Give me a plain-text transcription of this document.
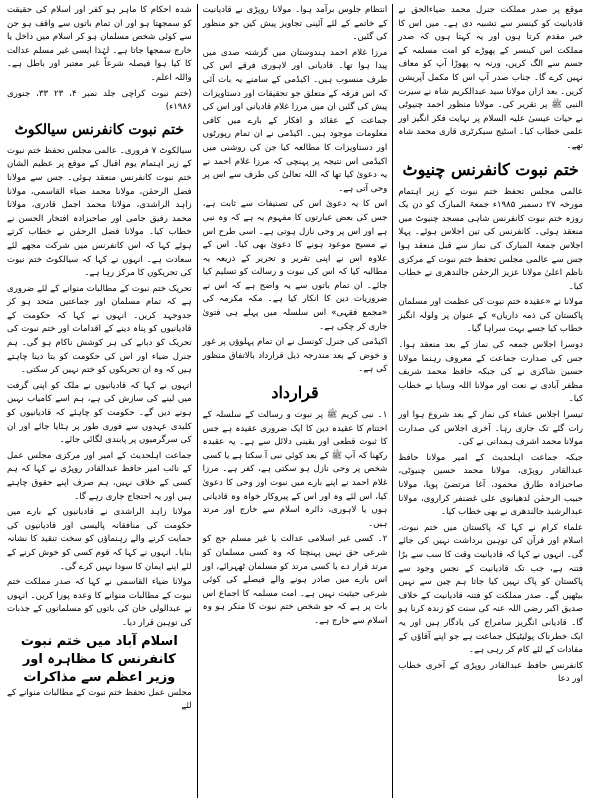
موقع پر صدر مملکت جنرل محمد ضیاءالحق نے قادیانیت کو کینسر سے تشبیہ دی ہے۔ میں اس کا خیر مقدم کرتا ہوں اور یہ کہتا ہوں کہ صدر مملکت اس کینسر کے پھوڑے کو امت مسلمہ کے جسم سے الگ کریں، ورنہ یہ پھوڑا آپ کو معاف نہیں کرے گا۔ جناب صدر آپ اس کا مکمل آپریشن کریں۔ بعد ازاں مولانا سید عبدالکریم شاہ نے سیرت النبی ﷺ پر تقریر کی۔ مولانا منظور احمد چنیوٹی نے حیات عیسیٰ علیہ السلام پر نہایت فکر انگیز اور علمی خطاب کیا۔ اسٹیج سیکرٹری قاری محمد شاہ تھے۔

ختم نبوت کانفرنس چنیوٹ

عالمی مجلس تحفظ ختم نبوت کے زیر اہتمام مورخہ ۲۷ دسمبر ۱۹۸۵ء جمعۃ المبارک کو دن یک روزہ ختم نبوت کانفرنس شاہی مسجد چنیوٹ میں منعقد ہوئی۔ کانفرنس کی تین اجلاس ہوئے۔ پہلا اجلاس جمعۃ المبارک کی نماز سے قبل منعقد ہوا جس سے عالمی مجلس تحفظ ختم نبوت کے مرکزی ناظم اعلیٰ مولانا عزیز الرحمٰن جالندھری نے خطاب کیا۔

مولانا نے «عقیدہ ختم نبوت کی عظمت اور مسلمان پاکستان کی ذمہ داریاں» کے عنوان پر ولولہ انگیز خطاب کیا جسے بہت سراہا گیا۔

دوسرا اجلاس جمعہ کی نماز کے بعد منعقد ہوا۔ جس کی صدارت جماعت کے معروف رہنما مولانا حسین شاکری نے کی جبکہ حافظ محمد شریف مظفر آبادی نے نعت اور مولانا اللہ وسایا نے خطاب کیا۔

تیسرا اجلاس عشاء کی نماز کے بعد شروع ہوا اور رات گئے تک جاری رہا۔ آخری اجلاس کی صدارت مولانا محمد اشرف ہمدانی نے کی۔

جبکہ جماعت اہلحدیث کے امیر مولانا حافظ عبدالقادر روپڑی، مولانا محمد حسین چنیوٹی، صاحبزادہ طارق محمود، آغا مرتضیٰ پویا، مولانا حبیب الرحمٰن لدھیانوی علی غضنفر کراروی، مولانا عبدالرشید جالندھری نے بھی خطاب کیا۔

علماء کرام نے کہا کہ پاکستان میں ختم نبوت، اسلام اور قرآن کی توہین برداشت نہیں کی جائے گی۔ انہوں نے کہا کہ قادیانیت وقت کا سب سے بڑا فتنہ ہے، جب تک قادیانیت کے نجس وجود سے پاکستان کو پاک نہیں کیا جاتا ہم چین سے نہیں بیٹھیں گے۔ صدر مملکت کو فتنہ قادیانیت کے خلاف صدیق اکبر رضی اللہ عنہ کی سنت کو زندہ کرنا ہو گا۔ قادیانی انگریز سامراج کی یادگار ہیں اور یہ ایک خطرناک پولیٹیکل جماعت ہے جو اپنے آقاؤں کے مفادات کے لئے کام کر رہی ہے۔

کانفرنس حافظ عبدالقادر روپڑی کے آخری خطاب اور دعا

انتظام جلوس برآمد ہوا۔ مولانا روپڑی نے قادیانیت کے خاتمے کے لئے آئینی تجاویز پیش کیں جو منظور کی گئیں۔

مرزا غلام احمد ہندوستان میں گزشتہ صدی میں پیدا ہوا تھا۔ قادیانی اور لاہوری فرقے اس کی طرف منسوب ہیں۔ اکیڈمی کے سامنے یہ بات آئی کہ اس فرقہ کے متعلق جو تحقیقات اور دستاویزات پیش کی گئیں ان میں مرزا غلام قادیانی اور اس کی جماعت کے عقائد و افکار کے بارے میں کافی معلومات موجود ہیں۔ اکیڈمی نے ان تمام رپورٹوں اور دستاویزات کا مطالعہ کیا جن کی روشنی میں اکیڈمی اس نتیجہ پر پہنچی کہ مرزا غلام احمد نے یہ دعویٰ کیا تھا کہ اللہ تعالیٰ کی طرف سے اس پر وحی آتی ہے۔

اس کا یہ دعویٰ اس کی تصنیفات سے ثابت ہے، جس کی بعض عبارتوں کا مفہوم یہ ہے کہ وہ نبی ہے اور اس پر وحی نازل ہوتی ہے۔ اسی طرح اس نے مسیح موعود ہونے کا دعویٰ بھی کیا۔ اس کے علاوہ اس نے اپنی تقریر و تحریر کے ذریعہ یہ مطالبہ کیا کہ اس کی نبوت و رسالت کو تسلیم کیا جائے۔ ان تمام باتوں سے یہ واضح ہے کہ اس نے ضروریات دین کا انکار کیا ہے۔ مکہ مکرمہ کی «مجمع فقہی» اس سلسلہ میں پہلے ہی فتویٰ جاری کر چکی ہے۔

اکیڈمی کی جنرل کونسل نے ان تمام پہلوؤں پر غور و خوض کے بعد مندرجہ ذیل قرارداد بالاتفاق منظور کی ہے۔

قرارداد

۱۔ نبی کریم ﷺ پر نبوت و رسالت کے سلسلہ کے اختتام کا عقیدہ دین کا ایک ضروری عقیدہ ہے جس کا ثبوت قطعی اور یقینی دلائل سے ہے۔ یہ عقیدہ رکھنا کہ آپ ﷺ کے بعد کوئی نبی آ سکتا ہے یا کسی شخص پر وحی نازل ہو سکتی ہے، کفر ہے۔ مرزا غلام احمد نے اپنے بارے میں نبوت اور وحی کا دعویٰ کیا، اس لئے وہ اور اس کے پیروکار خواہ وہ قادیانی ہوں یا لاہوری، دائرہ اسلام سے خارج اور مرتد ہیں۔

۲۔ کسی غیر اسلامی عدالت یا غیر مسلم جج کو شرعی حق نہیں پہنچتا کہ وہ کسی مسلمان کو مرتد قرار دے یا کسی مرتد کو مسلمان ٹھہرائے، اور اس بارے میں صادر ہونے والے فیصلے کی کوئی شرعی حیثیت نہیں ہے۔ امت مسلمہ کا اجماع اس بات پر ہے کہ جو شخص ختم نبوت کا منکر ہو وہ اسلام سے خارج ہے۔

شدہ احکام کا ماہر ہو کفر اور اسلام کی حقیقت کو سمجھتا ہو اور ان تمام باتوں سے واقف ہو جن سے کوئی شخص مسلمان ہو کر اسلام میں داخل یا خارج سمجھا جاتا ہے۔ لہٰذا ایسی غیر مسلم عدالت کا کیا ہوا فیصلہ شرعاً غیر معتبر اور باطل ہے۔ واللہ اعلم۔

(ختم نبوت کراچی جلد نمبر ۴، ۲۳ ۳۳، جنوری ۱۹۸۶ء)

ختم نبوت کانفرنس سیالکوٹ

سیالکوٹ ۷ فروری۔ عالمی مجلس تحفظ ختم نبوت کے زیر اہتمام یوم اقبال کے موقع پر عظیم الشان ختم نبوت کانفرنس منعقد ہوئی۔ جس سے مولانا فضل الرحمٰن، مولانا محمد ضیاء القاسمی، مولانا زاہد الراشدی، مولانا محمد اجمل قادری، مولانا محمد رفیق جامی اور صاحبزادہ افتخار الحسن نے خطاب کیا۔ مولانا فضل الرحمٰن نے خطاب کرتے ہوئے کہا کہ اس کانفرنس میں شرکت مجھے لئے سعادت ہے۔ انہوں نے کہا کہ سیالکوٹ ختم نبوت کی تحریکوں کا مرکز رہا ہے۔

تحریک ختم نبوت کے مطالبات منوانے کے لئے ضروری ہے کہ تمام مسلمان اور جماعتیں متحد ہو کر جدوجہد کریں۔ انہوں نے کہا کہ حکومت کے قادیانیوں کو پناہ دینے کے اقدامات اور ختم نبوت کی تحریک کو دبانے کی ہر کوشش ناکام ہو گی۔ ہم جنرل ضیاء اور اس کی حکومت کو بتا دینا چاہتے ہیں کہ وہ ان تحریکوں کو ختم نہیں کر سکتی۔

انہوں نے کہا کہ قادیانیوں نے ملک کو اپنی گرفت میں لینے کی سازش کی ہے، ہم اسے کامیاب نہیں ہونے دیں گے۔ حکومت کو چاہئے کہ قادیانیوں کو کلیدی عہدوں سے فوری طور پر ہٹایا جائے اور ان کی سرگرمیوں پر پابندی لگائی جائے۔

جماعت اہلحدیث کے امیر اور مرکزی مجلس عمل کے نائب امیر حافظ عبدالقادر روپڑی نے کہا کہ ہم کسی کے خلاف نہیں، ہم صرف اپنے حقوق چاہتے ہیں اور یہ احتجاج جاری رہے گا۔

مولانا زاہد الراشدی نے قادیانیوں کے بارے میں حکومت کی منافقانہ پالیسی اور قادیانیوں کی حمایت کرنے والے رہنماؤں کو سخت تنقید کا نشانہ بنایا۔ انہوں نے کہا کہ قوم کسی کو خوش کرنے کے لئے اپنے ایمان کا سودا نہیں کرے گی۔

مولانا ضیاء القاسمی نے کہا کہ صدر مملکت ختم نبوت کے مطالبات منوانے کا وعدہ پورا کریں۔ انہوں نے عبدالولی خان کی باتوں کو مسلمانوں کے جذبات کی توہین قرار دیا۔

اسلام آباد میں ختم نبوت کانفرنس کا مظاہرہ اور وزیر اعظم سے مذاکرات

مجلس عمل تحفظ ختم نبوت کے مطالبات منوانے کے لئے
